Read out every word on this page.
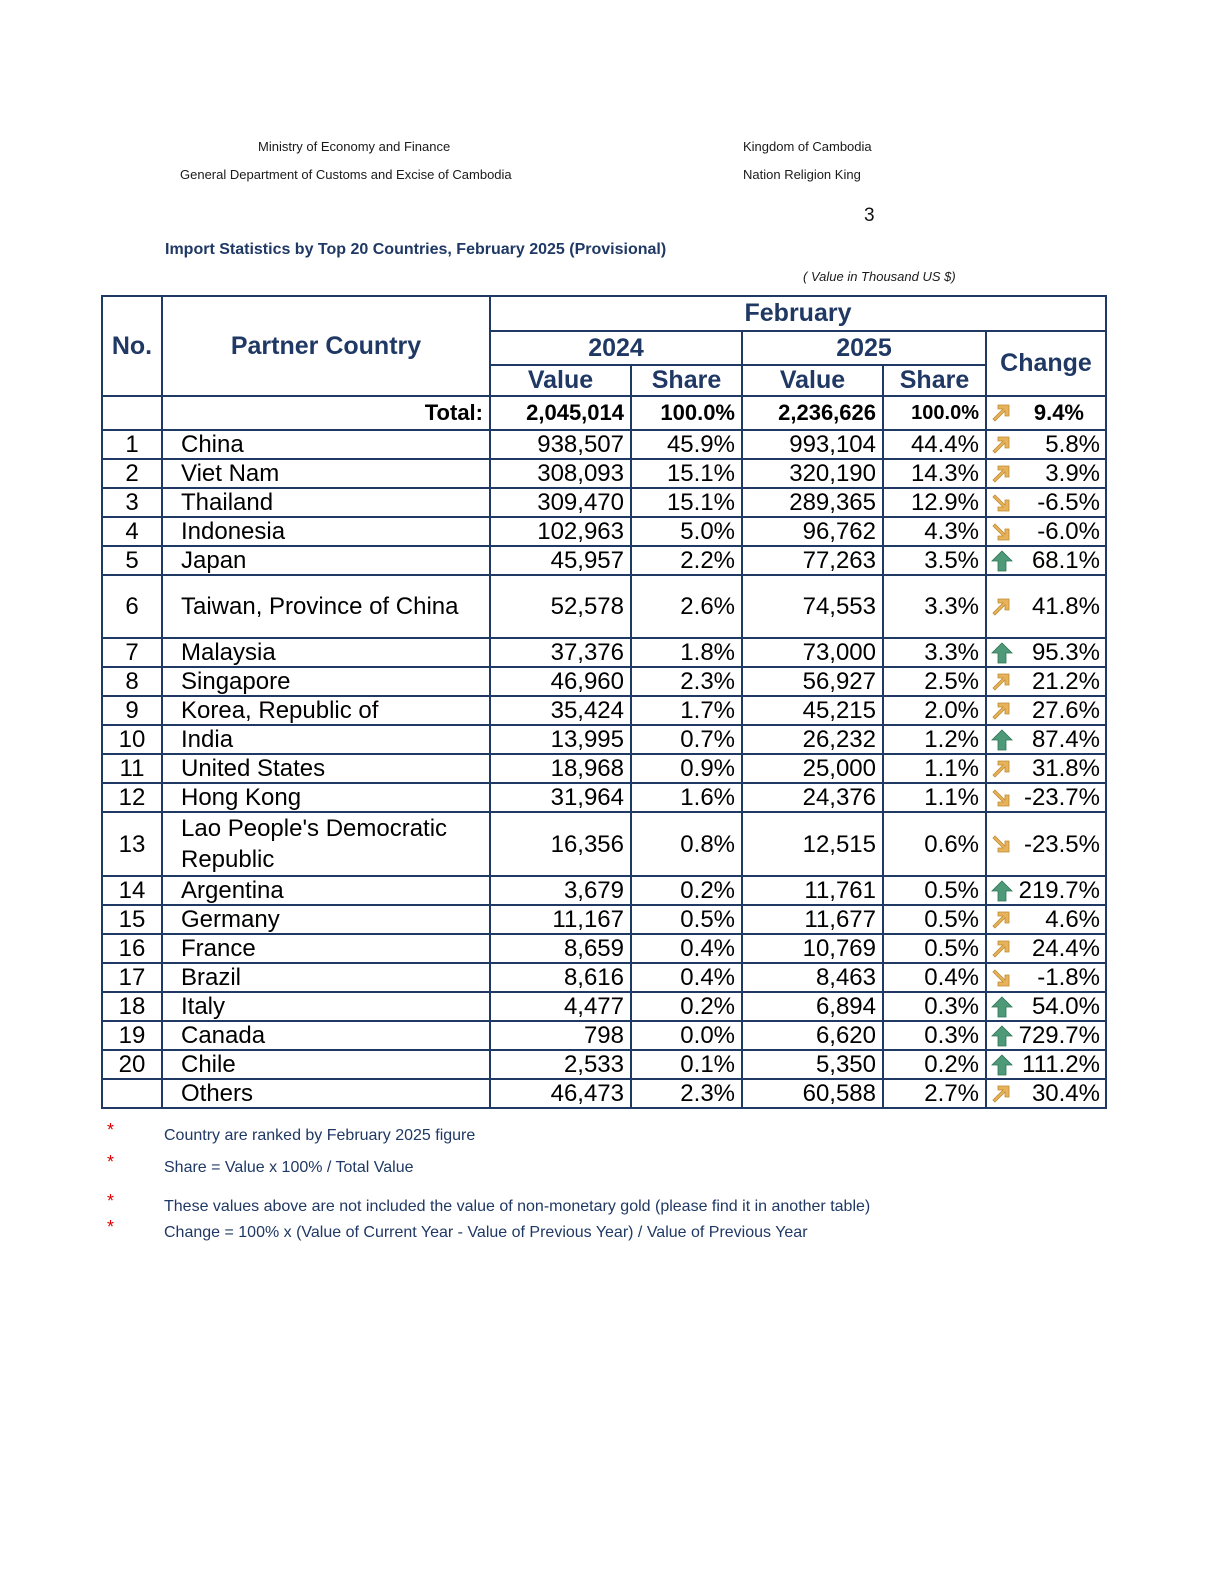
Ministry of Economy and Finance
General Department of Customs and Excise of Cambodia
Kingdom of Cambodia
Nation Religion King
3
Import Statistics by Top 20 Countries, February 2025 (Provisional)
( Value in Thousand US $)
No.	Partner Country	February				
		2024		2025		Change
		Value	Share	Value	Share	
	Total:	2,045,014	100.0%	2,236,626	100.0%	9.4%
1	China	938,507	45.9%	993,104	44.4%	5.8%
2	Viet Nam	308,093	15.1%	320,190	14.3%	3.9%
3	Thailand	309,470	15.1%	289,365	12.9%	-6.5%
4	Indonesia	102,963	5.0%	96,762	4.3%	-6.0%
5	Japan	45,957	2.2%	77,263	3.5%	68.1%
6	Taiwan, Province of China	52,578	2.6%	74,553	3.3%	41.8%
7	Malaysia	37,376	1.8%	73,000	3.3%	95.3%
8	Singapore	46,960	2.3%	56,927	2.5%	21.2%
9	Korea, Republic of	35,424	1.7%	45,215	2.0%	27.6%
10	India	13,995	0.7%	26,232	1.2%	87.4%
11	United States	18,968	0.9%	25,000	1.1%	31.8%
12	Hong Kong	31,964	1.6%	24,376	1.1%	-23.7%
13	Lao People's Democratic Republic	16,356	0.8%	12,515	0.6%	-23.5%
14	Argentina	3,679	0.2%	11,761	0.5%	219.7%
15	Germany	11,167	0.5%	11,677	0.5%	4.6%
16	France	8,659	0.4%	10,769	0.5%	24.4%
17	Brazil	8,616	0.4%	8,463	0.4%	-1.8%
18	Italy	4,477	0.2%	6,894	0.3%	54.0%
19	Canada	798	0.0%	6,620	0.3%	729.7%
20	Chile	2,533	0.1%	5,350	0.2%	111.2%
	Others	46,473	2.3%	60,588	2.7%	30.4%
*	Country are ranked by February 2025 figure
*	Share = Value x 100% / Total Value
*	These values above are not included the value of non-monetary gold (please find it in another table)
*	Change = 100% x (Value of Current Year - Value of Previous Year) / Value of Previous Year
